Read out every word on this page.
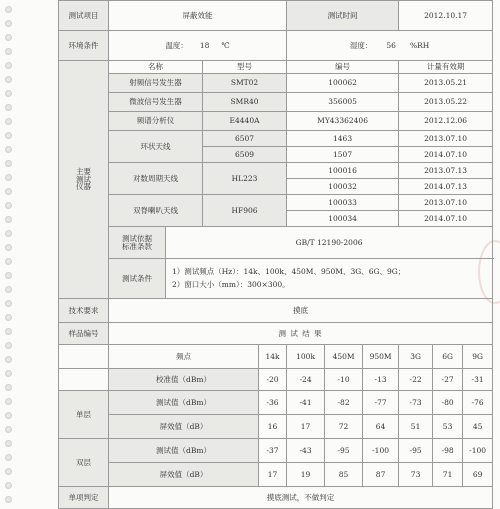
测试项目	屏蔽效能				测试时间			2012.10.17		
环境条件	温度： 18 ℃				湿度： 56 %RH					

主要
测试
仪器	名称		型号		编号			计量有效期		
	射频信号发生器		SMT02		100062			2013.05.21		
	微波信号发生器		SMR40		356005			2013.05.22		
	频谱分析仪		E4440A		MY43362406			2012.12.06		
	环状天线		6507		1463			2013.07.10		
			6509		1507			2014.07.10		
	对数周期天线		HL223		100016			2013.07.13		
					100032			2014.07.13		
	双脊喇叭天线		HF906		100033			2013.07.10		
					100034			2014.07.10		

	测试依据
标准条款	GB/T 12190-2006								
	测试条件	1）测试频点（Hz）：14k、100k、450M、950M、3G、6G、9G；
2）窗口大小（mm）：300×300。								

技术要求	摸底									
样品编号	测 试 结 果									
	频点			14k	100k	450M	950M	3G	6G	9G
	校准值（dBm）			-20	-24	-10	-13	-22	-27	-31
单层	测试值（dBm）			-36	-41	-82	-77	-73	-80	-76
	屏效值（dB）			16	17	72	64	51	53	45
双层	测试值（dBm）			-37	-43	-95	-100	-95	-98	-100
	屏效值（dB）			17	19	85	87	73	71	69
单项判定	摸底测试，不做判定									
